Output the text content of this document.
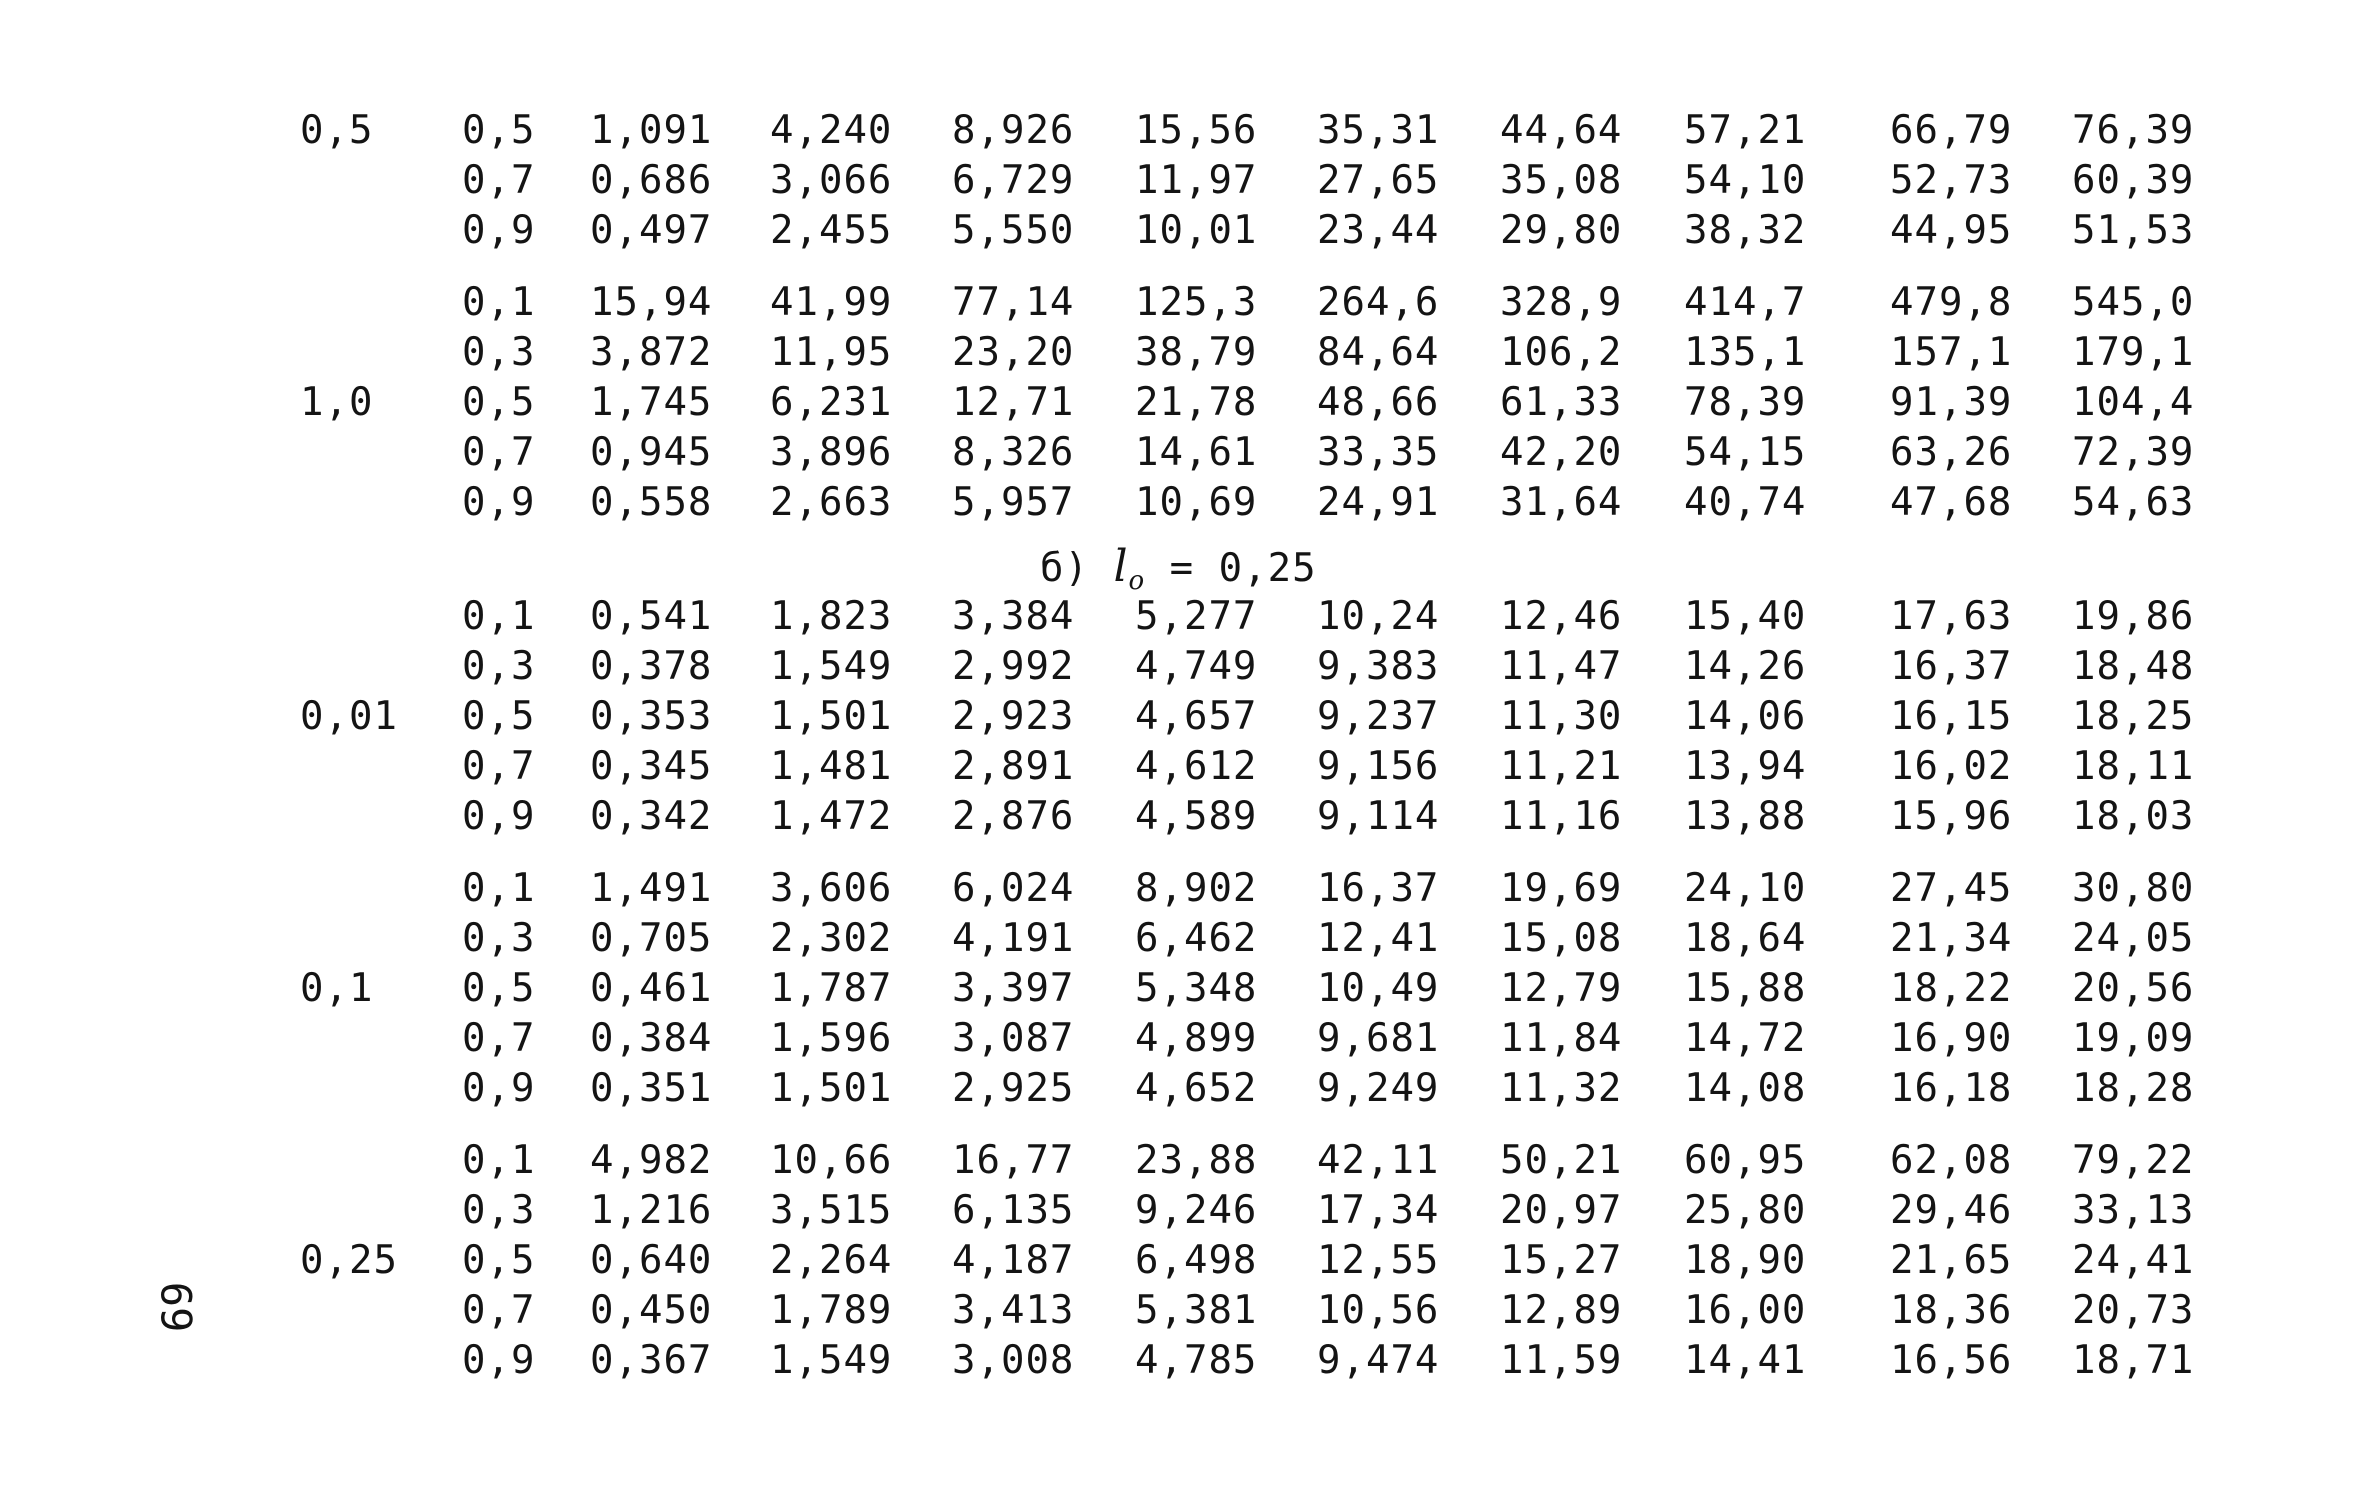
69
б) $l_o = 0,25$
0,5 1,091 4,240 8,926 15,56 35,31 44,64 57,21 66,79 76,39
0,7 0,686 3,066 6,729 11,97 27,65 35,08 54,10 52,73 60,39
0,9 0,497 2,455 5,550 10,01 23,44 29,80 38,32 44,95 51,53
0,5
0,1 15,94 41,99 77,14 125,3 264,6 328,9 414,7 479,8 545,0
0,3 3,872 11,95 23,20 38,79 84,64 106,2 135,1 157,1 179,1
0,5 1,745 6,231 12,71 21,78 48,66 61,33 78,39 91,39 104,4
0,7 0,945 3,896 8,326 14,61 33,35 42,20 54,15 63,26 72,39
0,9 0,558 2,663 5,957 10,69 24,91 31,64 40,74 47,68 54,63
1,0
0,1 0,541 1,823 3,384 5,277 10,24 12,46 15,40 17,63 19,86
0,3 0,378 1,549 2,992 4,749 9,383 11,47 14,26 16,37 18,48
0,5 0,353 1,501 2,923 4,657 9,237 11,30 14,06 16,15 18,25
0,7 0,345 1,481 2,891 4,612 9,156 11,21 13,94 16,02 18,11
0,9 0,342 1,472 2,876 4,589 9,114 11,16 13,88 15,96 18,03
0,01
0,1 1,491 3,606 6,024 8,902 16,37 19,69 24,10 27,45 30,80
0,3 0,705 2,302 4,191 6,462 12,41 15,08 18,64 21,34 24,05
0,5 0,461 1,787 3,397 5,348 10,49 12,79 15,88 18,22 20,56
0,7 0,384 1,596 3,087 4,899 9,681 11,84 14,72 16,90 19,09
0,9 0,351 1,501 2,925 4,652 9,249 11,32 14,08 16,18 18,28
0,1
0,1 4,982 10,66 16,77 23,88 42,11 50,21 60,95 62,08 79,22
0,3 1,216 3,515 6,135 9,246 17,34 20,97 25,80 29,46 33,13
0,5 0,640 2,264 4,187 6,498 12,55 15,27 18,90 21,65 24,41
0,7 0,450 1,789 3,413 5,381 10,56 12,89 16,00 18,36 20,73
0,9 0,367 1,549 3,008 4,785 9,474 11,59 14,41 16,56 18,71
0,25
